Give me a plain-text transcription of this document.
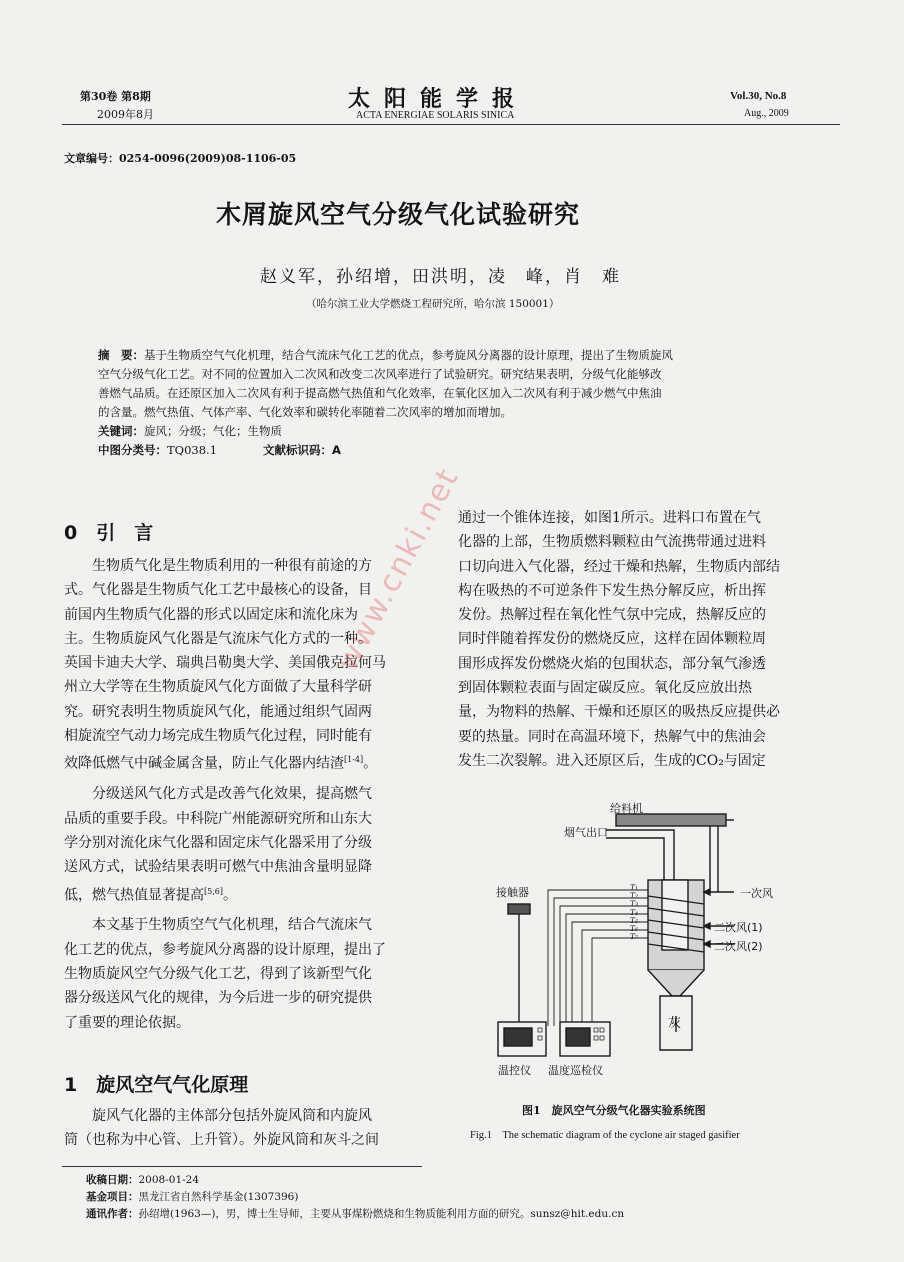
第30卷 第8期
2009年8月
太阳能学报
ACTA ENERGIAE SOLARIS SINICA
Vol.30, No.8
Aug., 2009
文章编号：0254-0096(2009)08-1106-05
木屑旋风空气分级气化试验研究
赵义军，孙绍增，田洪明，凌　峰，肖　难
（哈尔滨工业大学燃烧工程研究所，哈尔滨 150001）
摘　要：基于生物质空气气化机理，结合气流床气化工艺的优点，参考旋风分离器的设计原理，提出了生物质旋风
空气分级气化工艺。对不同的位置加入二次风和改变二次风率进行了试验研究。研究结果表明，分级气化能够改
善燃气品质。在还原区加入二次风有利于提高燃气热值和气化效率，在氧化区加入二次风有利于减少燃气中焦油
的含量。燃气热值、气体产率、气化效率和碳转化率随着二次风率的增加而增加。
关键词：旋风；分级；气化；生物质
中图分类号：TQ038.1	文献标识码：A
0　引　言
生物质气化是生物质利用的一种很有前途的方
式。气化器是生物质气化工艺中最核心的设备，目
前国内生物质气化器的形式以固定床和流化床为
主。生物质旋风气化器是气流床气化方式的一种。
英国卡迪夫大学、瑞典吕勒奥大学、美国俄克拉何马
州立大学等在生物质旋风气化方面做了大量科学研
究。研究表明生物质旋风气化，能通过组织气固两
相旋流空气动力场完成生物质气化过程，同时能有
效降低燃气中碱金属含量，防止气化器内结渣[1-4]。
分级送风气化方式是改善气化效果，提高燃气
品质的重要手段。中科院广州能源研究所和山东大
学分别对流化床气化器和固定床气化器采用了分级
送风方式，试验结果表明可燃气中焦油含量明显降
低，燃气热值显著提高[5,6]。
本文基于生物质空气气化机理，结合气流床气
化工艺的优点，参考旋风分离器的设计原理，提出了
生物质旋风空气分级气化工艺，得到了该新型气化
器分级送风气化的规律，为今后进一步的研究提供
了重要的理论依据。
1　旋风空气气化原理
旋风气化器的主体部分包括外旋风筒和内旋风
筒（也称为中心管、上升管）。外旋风筒和灰斗之间
通过一个锥体连接，如图1所示。进料口布置在气
化器的上部，生物质燃料颗粒由气流携带通过进料
口切向进入气化器，经过干燥和热解，生物质内部结
构在吸热的不可逆条件下发生热分解反应，析出挥
发份。热解过程在氧化性气氛中完成，热解反应的
同时伴随着挥发份的燃烧反应，这样在固体颗粒周
围形成挥发份燃烧火焰的包围状态，部分氧气渗透
到固体颗粒表面与固定碳反应。氧化反应放出热
量，为物料的热解、干燥和还原区的吸热反应提供必
要的热量。同时在高温环境下，热解气中的焦油会
发生二次裂解。进入还原区后，生成的CO₂与固定
给料机
烟气出口
接触器	一次风
二次风(1)
二次风(2)
灰
温控仪 温度巡检仪
T₁
T₂
T₃
T₄
T₅
T₆
T₇
图1　旋风空气分级气化器实验系统图
Fig.1　The schematic diagram of the cyclone air staged gasifier
收稿日期：2008-01-24
基金项目：黑龙江省自然科学基金(1307396)
通讯作者：孙绍增(1963—)，男，博士生导师，主要从事煤粉燃烧和生物质能利用方面的研究。sunsz@hit.edu.cn
www.cnki.net
